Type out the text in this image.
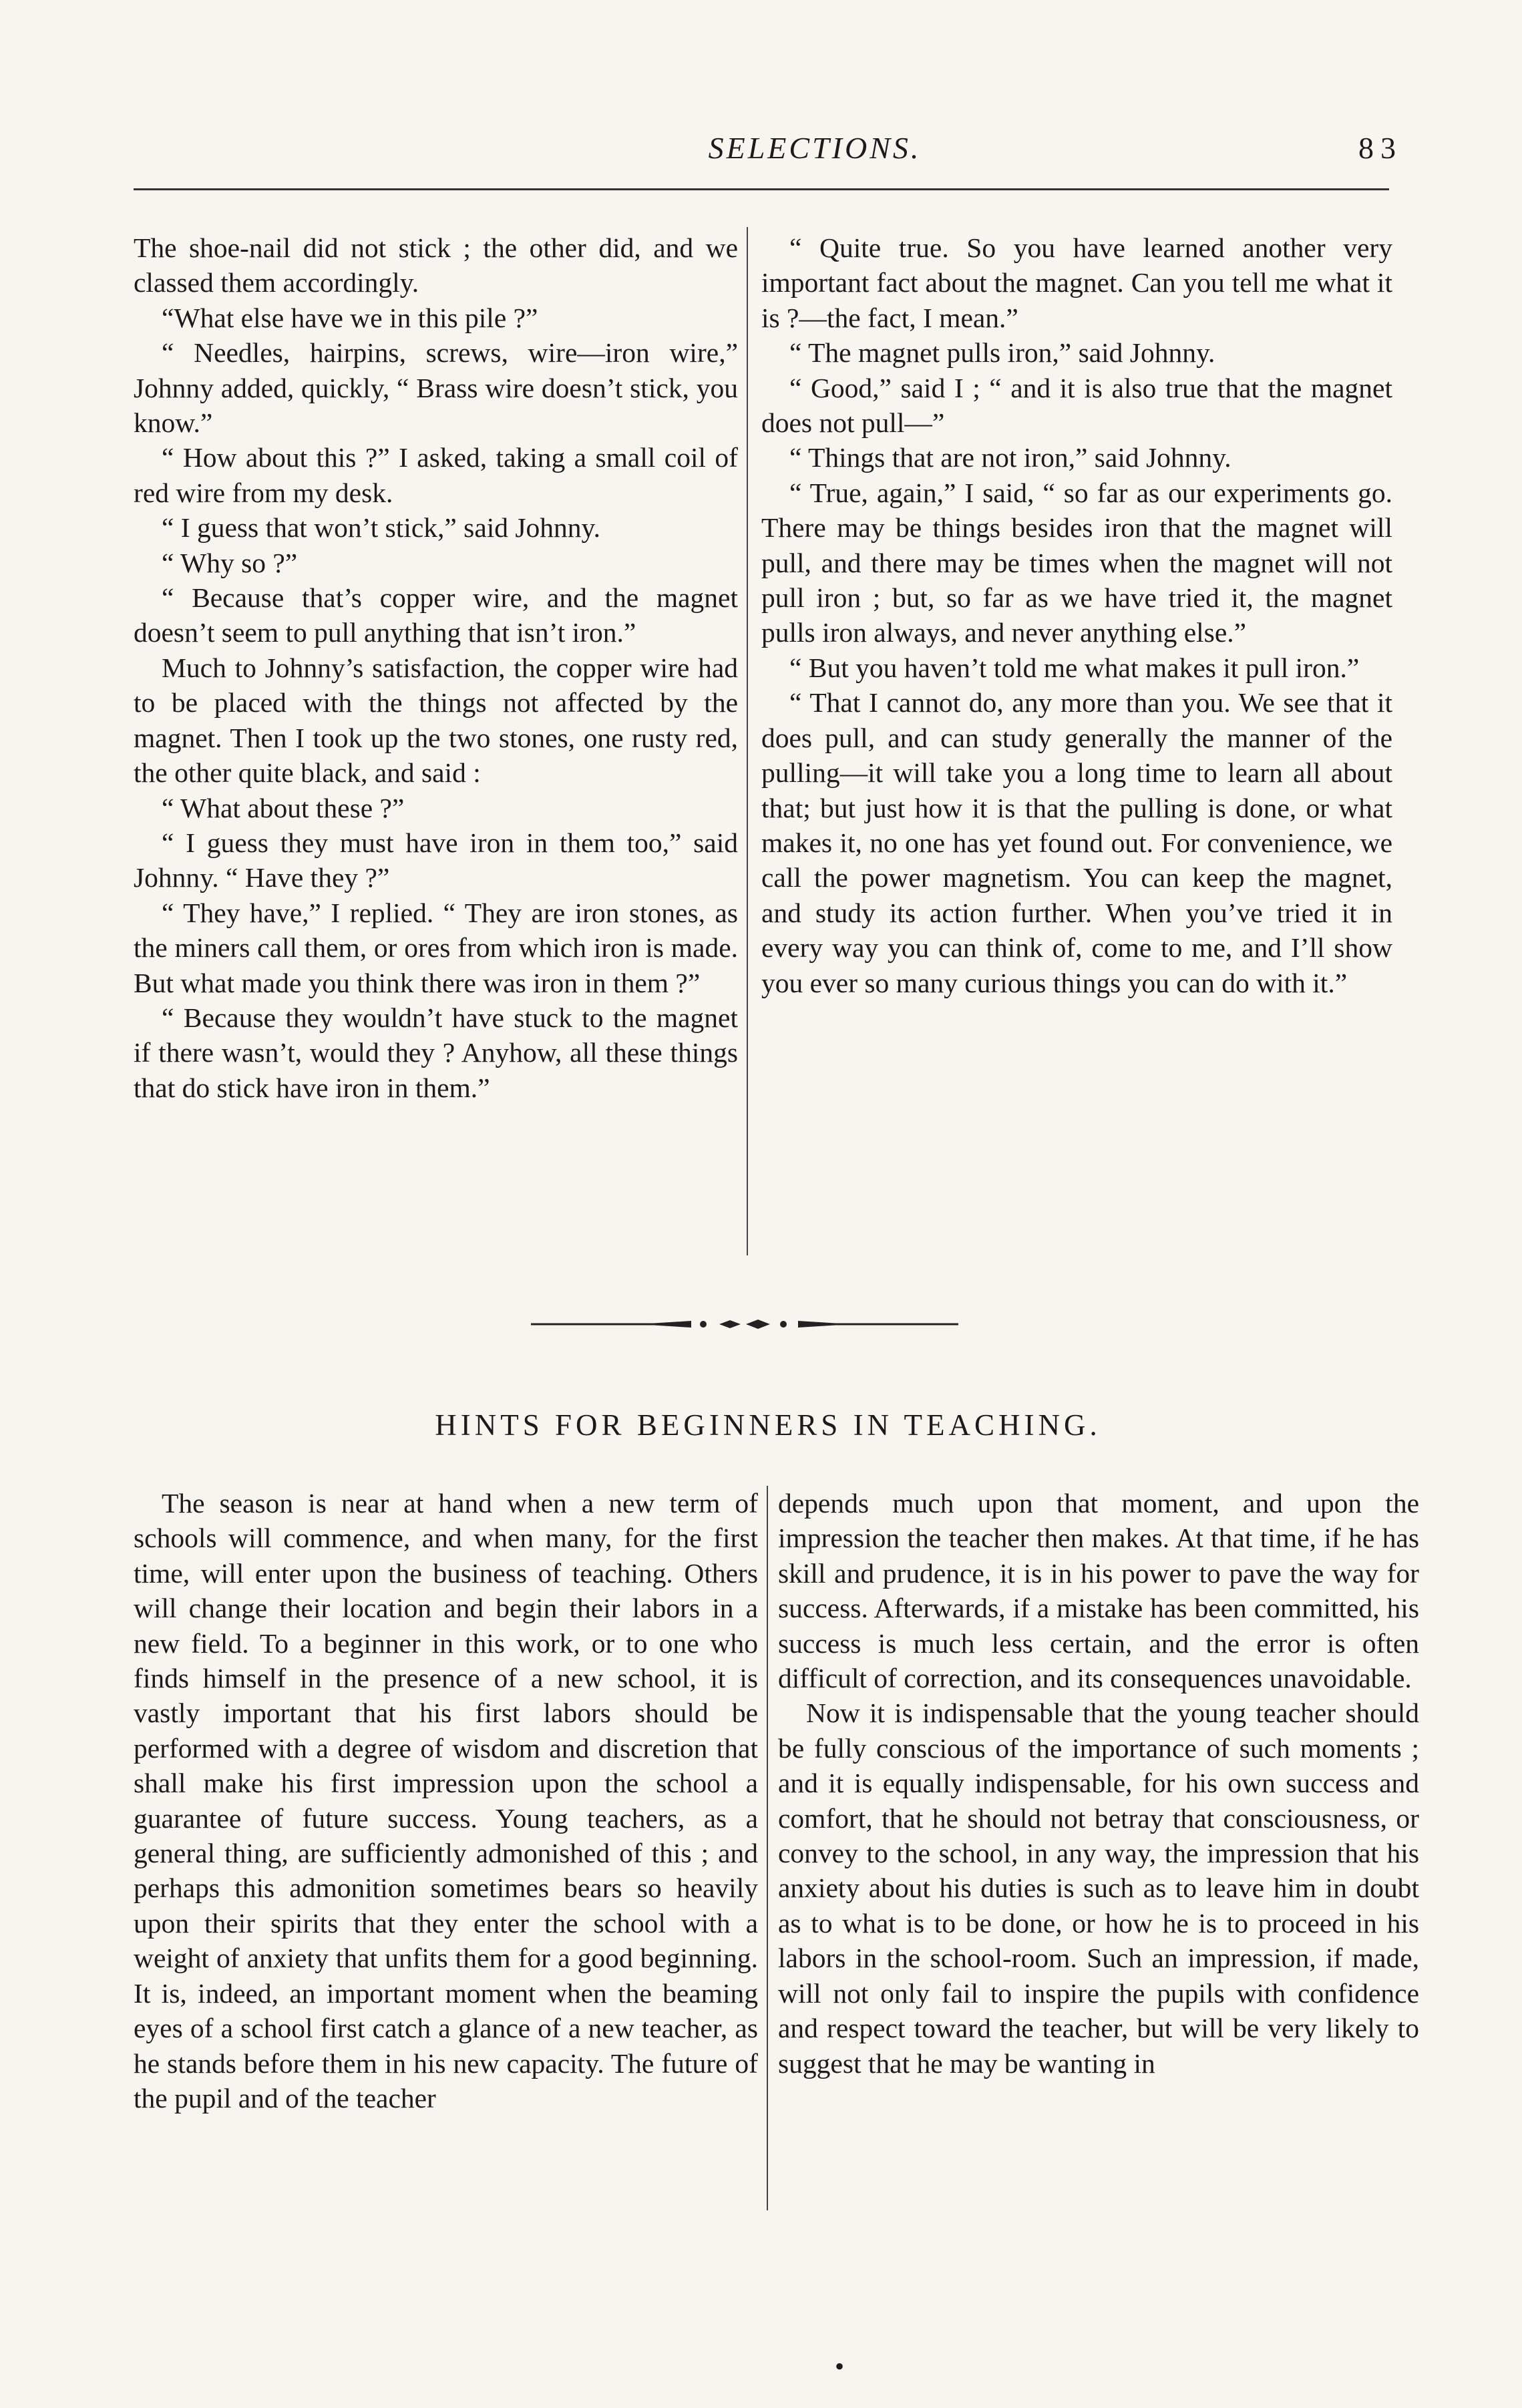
SELECTIONS.	83

The shoe-nail did not stick ; the other did, and we classed them accordingly.

“What else have we in this pile ?”

“ Needles, hairpins, screws, wire—iron wire,” Johnny added, quickly, “ Brass wire doesn’t stick, you know.”

“ How about this ?” I asked, taking a small coil of red wire from my desk.

“ I guess that won’t stick,” said Johnny.

“ Why so ?”

“ Because that’s copper wire, and the magnet doesn’t seem to pull anything that isn’t iron.”

Much to Johnny’s satisfaction, the copper wire had to be placed with the things not affected by the magnet. Then I took up the two stones, one rusty red, the other quite black, and said :

“ What about these ?”

“ I guess they must have iron in them too,” said Johnny. “ Have they ?”

“ They have,” I replied. “ They are iron stones, as the miners call them, or ores from which iron is made. But what made you think there was iron in them ?”

“ Because they wouldn’t have stuck to the magnet if there wasn’t, would they ? Anyhow, all these things that do stick have iron in them.”

“ Quite true. So you have learned another very important fact about the magnet. Can you tell me what it is ?—the fact, I mean.”

“ The magnet pulls iron,” said Johnny.

“ Good,” said I ; “ and it is also true that the magnet does not pull—”

“ Things that are not iron,” said Johnny.

“ True, again,” I said, “ so far as our experiments go. There may be things besides iron that the magnet will pull, and there may be times when the magnet will not pull iron ; but, so far as we have tried it, the magnet pulls iron always, and never anything else.”

“ But you haven’t told me what makes it pull iron.”

“ That I cannot do, any more than you. We see that it does pull, and can study generally the manner of the pulling—it will take you a long time to learn all about that; but just how it is that the pulling is done, or what makes it, no one has yet found out. For convenience, we call the power magnetism. You can keep the magnet, and study its action further. When you’ve tried it in every way you can think of, come to me, and I’ll show you ever so many curious things you can do with it.”

HINTS FOR BEGINNERS IN TEACHING.

The season is near at hand when a new term of schools will commence, and when many, for the first time, will enter upon the business of teaching. Others will change their location and begin their labors in a new field. To a beginner in this work, or to one who finds himself in the presence of a new school, it is vastly important that his first labors should be performed with a degree of wisdom and discretion that shall make his first impression upon the school a guarantee of future success. Young teachers, as a general thing, are sufficiently admonished of this ; and perhaps this admonition sometimes bears so heavily upon their spirits that they enter the school with a weight of anxiety that unfits them for a good beginning. It is, indeed, an important moment when the beaming eyes of a school first catch a glance of a new teacher, as he stands before them in his new capacity. The future of the pupil and of the teacher

depends much upon that moment, and upon the impression the teacher then makes. At that time, if he has skill and prudence, it is in his power to pave the way for success. Afterwards, if a mistake has been committed, his success is much less certain, and the error is often difficult of correction, and its consequences unavoidable.

Now it is indispensable that the young teacher should be fully conscious of the importance of such moments ; and it is equally indispensable, for his own success and comfort, that he should not betray that consciousness, or convey to the school, in any way, the impression that his anxiety about his duties is such as to leave him in doubt as to what is to be done, or how he is to proceed in his labors in the school-room. Such an impression, if made, will not only fail to inspire the pupils with confidence and respect toward the teacher, but will be very likely to suggest that he may be wanting in

•
